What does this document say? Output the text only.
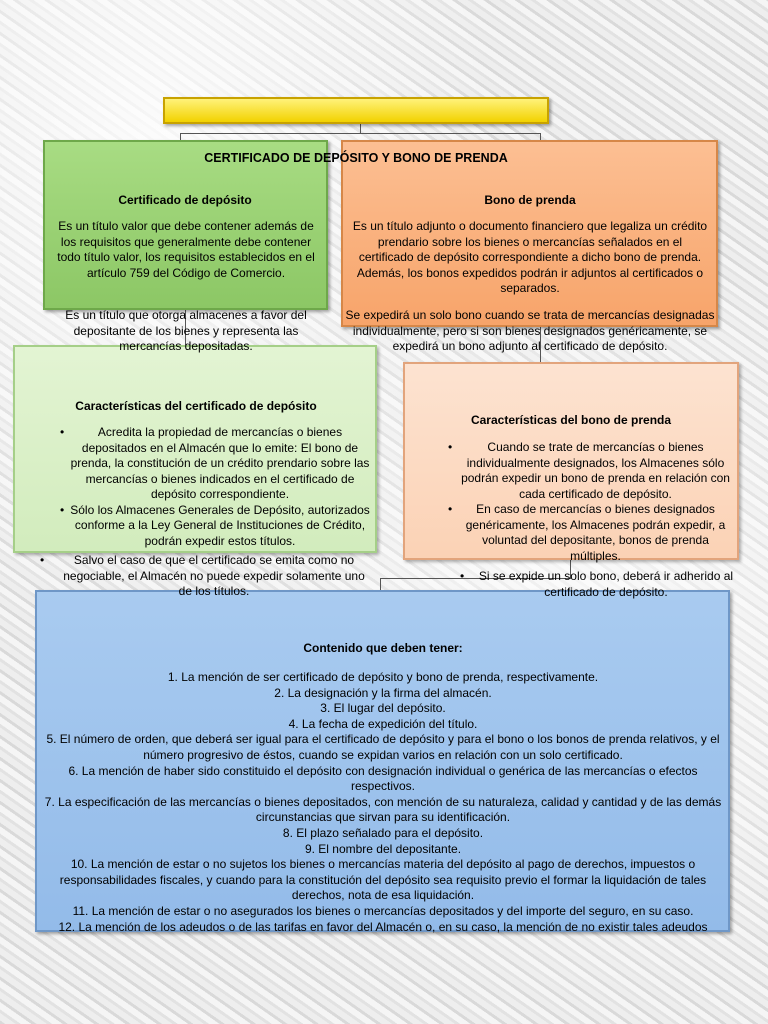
CERTIFICADO DE DEPÓSITO Y BONO DE PRENDA
Certificado de depósito
Es un título valor que debe contener además de los requisitos que generalmente debe contener todo título valor, los requisitos establecidos en el artículo 759 del Código de Comercio.
Es un título que otorga almacenes a favor del depositante de los bienes y representa las mercancías depositadas.
Bono de prenda
Es un título adjunto o documento financiero que legaliza un crédito prendario sobre los bienes o mercancías señalados en el certificado de depósito correspondiente a dicho bono de prenda. Además, los bonos expedidos podrán ir adjuntos al certificados o separados.
Se expedirá un solo bono cuando se trata de mercancías designadas individualmente, pero si son bienes designados genéricamente, se expedirá un bono adjunto al certificado de depósito.
Características del certificado de depósito
•	Acredita la propiedad de mercancías o bienes depositados en el Almacén que lo emite: El bono de prenda, la constitución de un crédito prendario sobre las mercancías o bienes indicados en el certificado de depósito correspondiente.
• Sólo los Almacenes Generales de Depósito, autorizados conforme a la Ley General de Instituciones de Crédito, podrán expedir estos títulos.
• Salvo el caso de que el certificado se emita como no negociable, el Almacén no puede expedir solamente uno de los títulos.
Características del bono de prenda
•	Cuando se trate de mercancías o bienes individualmente designados, los Almacenes sólo podrán expedir un bono de prenda en relación con cada certificado de depósito.
• En caso de mercancías o bienes designados genéricamente, los Almacenes podrán expedir, a voluntad del depositante, bonos de prenda múltiples.
• Si se expide un solo bono, deberá ir adherido al certificado de depósito.
Contenido que deben tener:
1. La mención de ser certificado de depósito y bono de prenda, respectivamente.
2. La designación y la firma del almacén.
3. El lugar del depósito.
4. La fecha de expedición del título.
5. El número de orden, que deberá ser igual para el certificado de depósito y para el bono o los bonos de prenda relativos, y el número progresivo de éstos, cuando se expidan varios en relación con un solo certificado.
6. La mención de haber sido constituido el depósito con designación individual o genérica de las mercancías o efectos respectivos.
7. La especificación de las mercancías o bienes depositados, con mención de su naturaleza, calidad y cantidad y de las demás circunstancias que sirvan para su identificación.
8. El plazo señalado para el depósito.
9. El nombre del depositante.
10. La mención de estar o no sujetos los bienes o mercancías materia del depósito al pago de derechos, impuestos o responsabilidades fiscales, y cuando para la constitución del depósito sea requisito previo el formar la liquidación de tales derechos, nota de esa liquidación.
11. La mención de estar o no asegurados los bienes o mercancías depositados y del importe del seguro, en su caso.
12. La mención de los adeudos o de las tarifas en favor del Almacén o, en su caso, la mención de no existir tales adeudos
